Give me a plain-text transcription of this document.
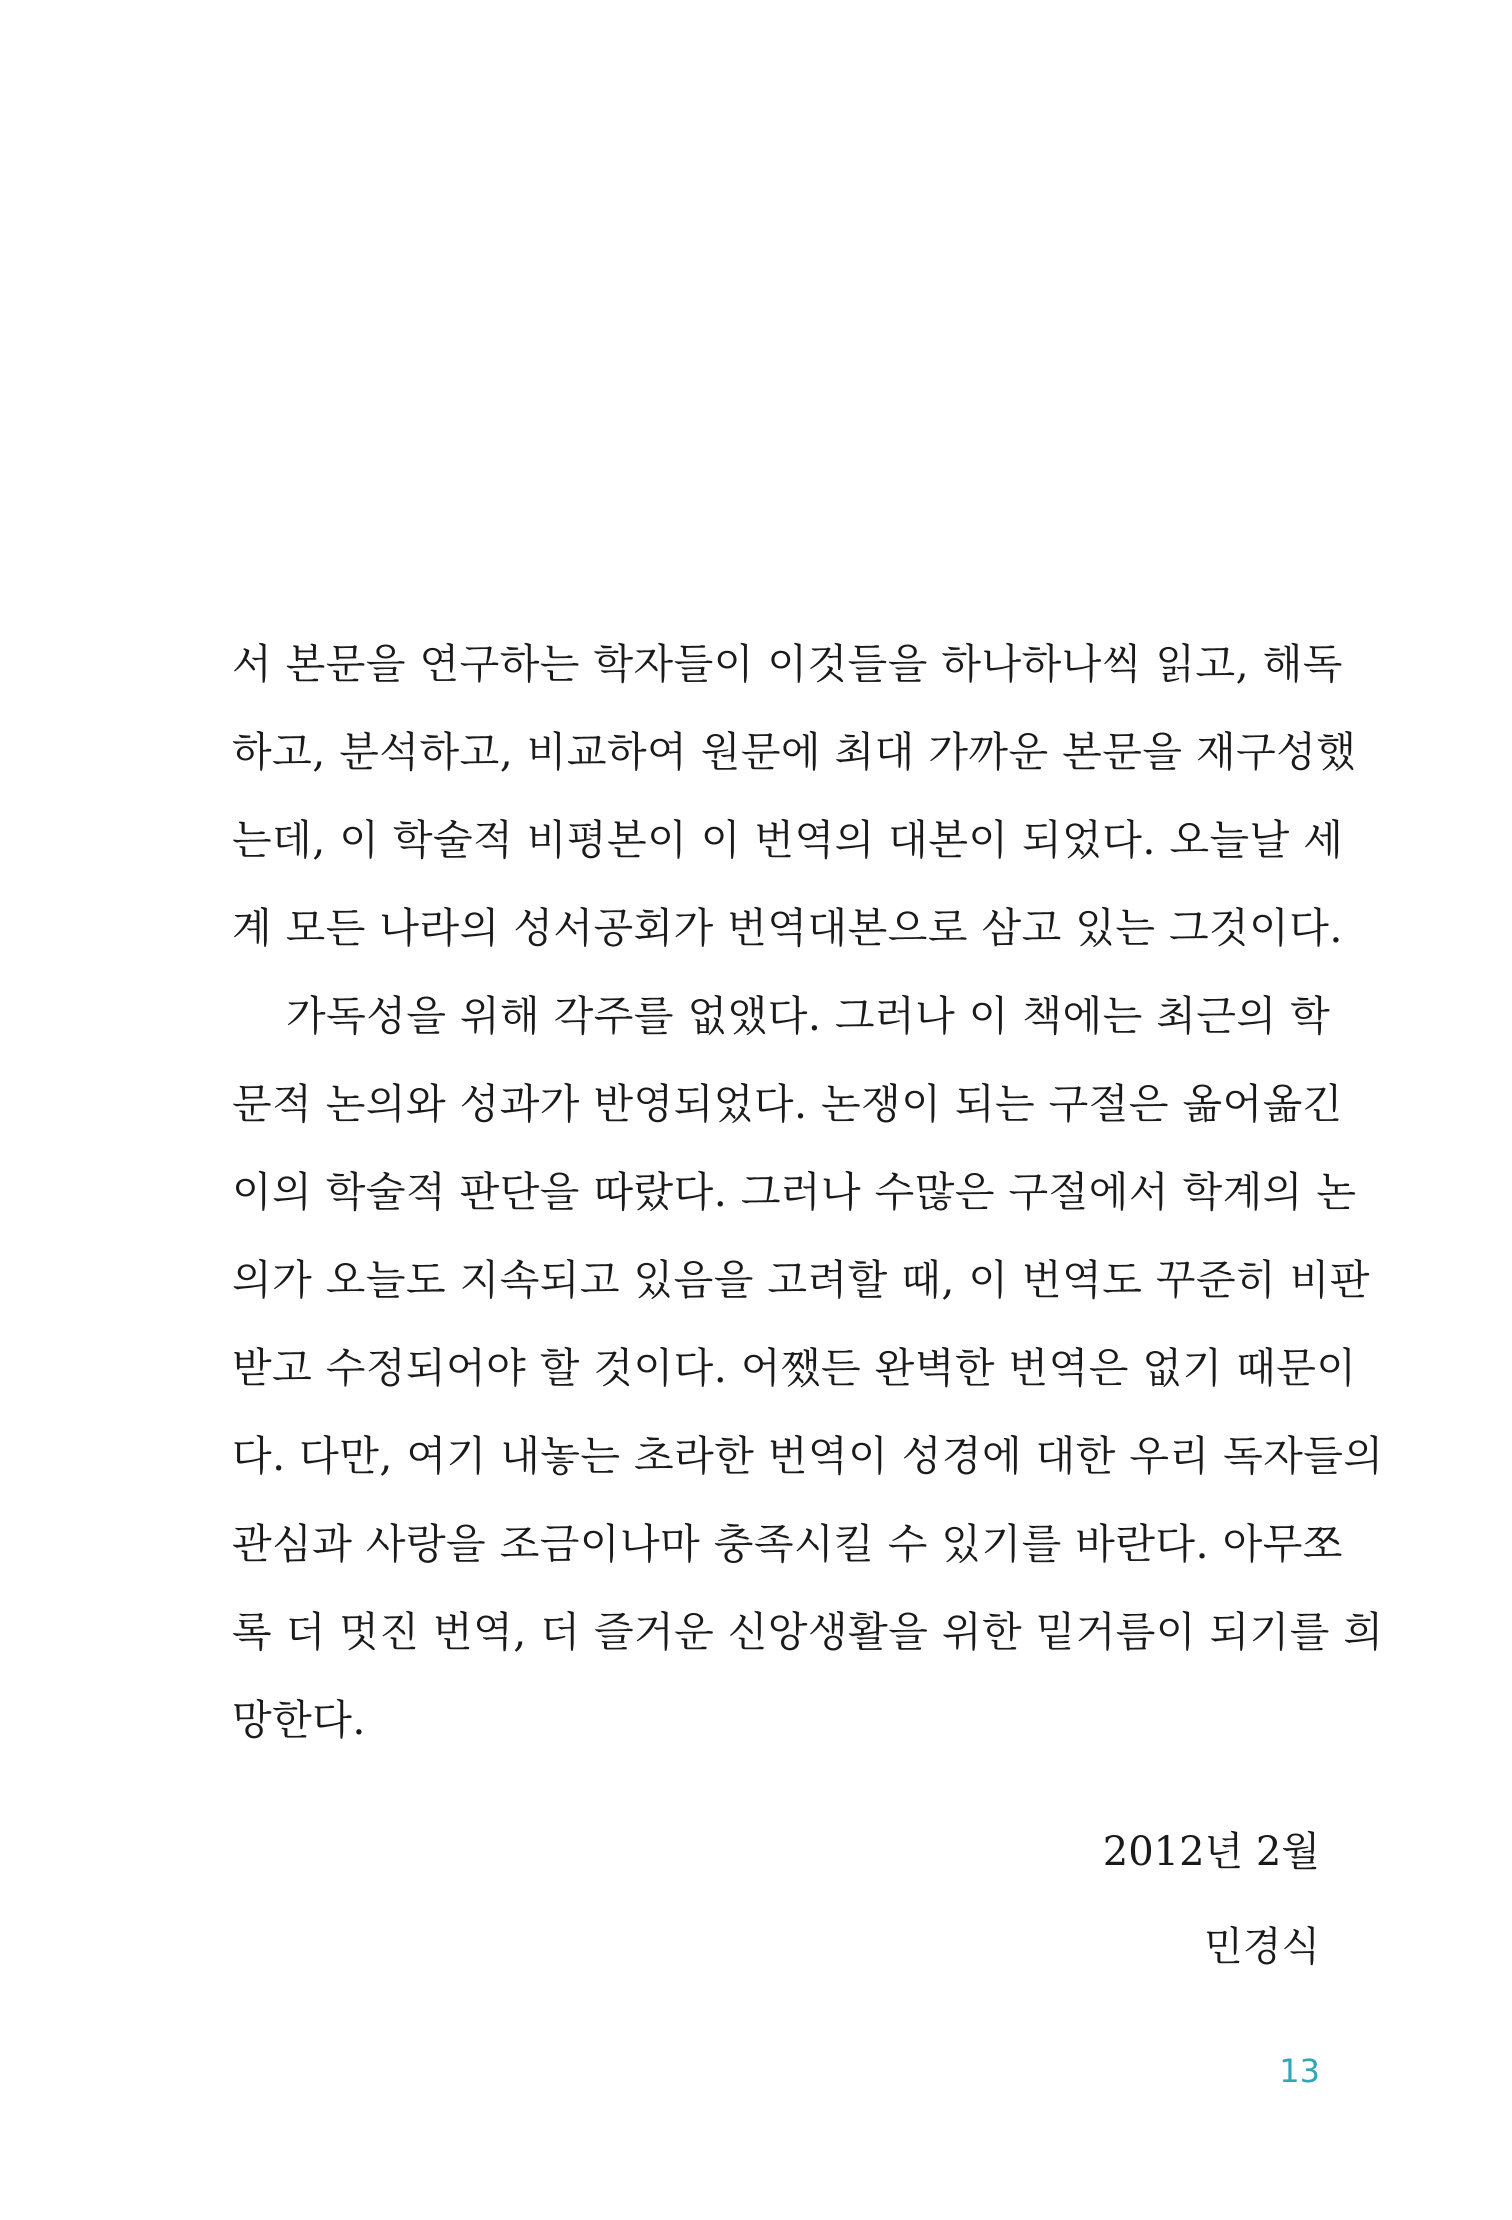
서 본문을 연구하는 학자들이 이것들을 하나하나씩 읽고, 해독
하고, 분석하고, 비교하여 원문에 최대 가까운 본문을 재구성했
는데, 이 학술적 비평본이 이 번역의 대본이 되었다. 오늘날 세
계 모든 나라의 성서공회가 번역대본으로 삼고 있는 그것이다.
가독성을 위해 각주를 없앴다. 그러나 이 책에는 최근의 학
문적 논의와 성과가 반영되었다. 논쟁이 되는 구절은 옮어옮긴
이의 학술적 판단을 따랐다. 그러나 수많은 구절에서 학계의 논
의가 오늘도 지속되고 있음을 고려할 때, 이 번역도 꾸준히 비판
받고 수정되어야 할 것이다. 어쨌든 완벽한 번역은 없기 때문이
다. 다만, 여기 내놓는 초라한 번역이 성경에 대한 우리 독자들의
관심과 사랑을 조금이나마 충족시킬 수 있기를 바란다. 아무쪼
록 더 멋진 번역, 더 즐거운 신앙생활을 위한 밑거름이 되기를 희
망한다.
2012년 2월
민경식
13
